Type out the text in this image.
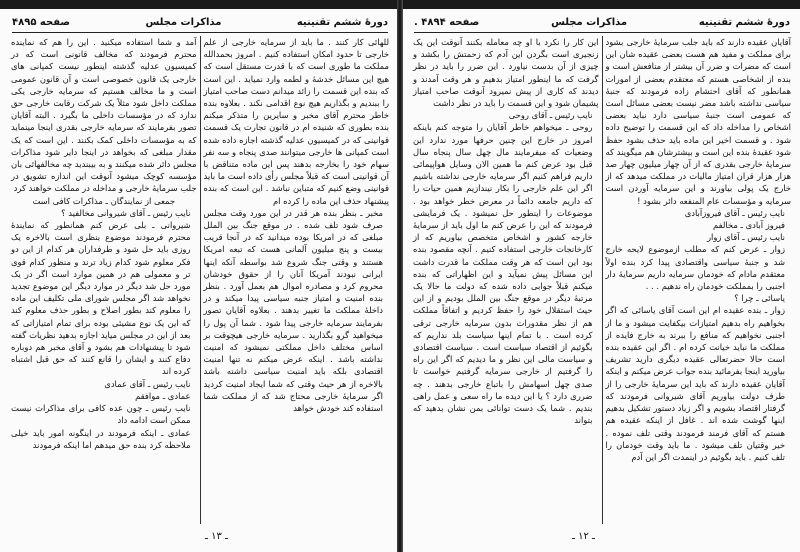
دورهٔ ششم تقنینیه
مذاکرات مجلس
صفحه ۴۸۹۵

للهائی کار کنند . ما باید از سرمایه خارجی از علم خارجی تا حدود امکان استفاده کنیم . امروز بحمدالله مملکت ما طوری است که با قدرت مستقل است که هیچ این مسائل خدشهٔ و لطمه وارد نمیاید . این است که بنده این قسمت را زائد میدانم دست صاحب امتیاز را ببندیم و بگذاریم هیچ نوع اقدامی نکند . بعلاوه بنده خاطر محترم آقای مخبر و سایرین را متذکر میکنم بنده بطوری که شنیده ام در قانون تجارت یک قسمت قوانینی که در کمیسیون عدلیه گذشته اجازه داده شده است کمپانی ها خارجی میتوانند صدی پنجاه و سه نفر سهام خود را بخارجه بدهند پس این ماده متناقض با آن قوانینی است که قبلاً مجلس رأی داده است ما باید قوانینی وضع کنیم که متباین نباشد . این است که بنده پیشنهاد حذف این ماده را کرده ام

مخبر ـ بنظر بنده هر قدر در این مورد وقت مجلس صرف شود تلف شده . در موقع جنگ بین الملل مبلغی که در امریکا بوده میدانید که در آنجا قریب بیست و پنج میلیون آلمانی هست که تبعه امریکا هستند و وقتی جنگ شروع شد بواسطه آنکه اینها ایرانی نبودند آمریکا آنان را از حقوق خودشان محروم کرد و مصادره اموال هم بعمل آورد . بنظر بنده امنیت و امتیاز جنبه سیاسی پیدا میکند و در داخلهٔ مملکت ما تغییر بدهند . بعلاوه آقایان تصور بفرمایند سرمایه خارجی پیدا شود . شما آن پول را میخواهید گرو بگذارید . سرمایه خارجی هیچوقت بر اساس مختلف داخل مملکتی نمیشود که امنیت نداشته باشد . اینکه عرض میکنم نه تنها امنیت اقتصادی بلکه باید امنیت سیاسی داشته باشد بالاخره از هر حیث وقتی که شما ایجاد امنیت کردید اگر سرمایهٔ خارجی محتاج شد که از مملکت شما استفاده کند خودش خواهد

آمد و شما استفاده میکنید . این را هم که نماینده محترم فرمودند که مخالف قانونی است که در کمیسیون عدلیه گذشته اینطور نیست کمپانی های خارجی یک قانون خصوصی است و آن قانون عمومی است و ما مخالف هستیم که سرمایه خارجی یکی مملکت داخل شود مثلاً یک شرکت رقابت خارجی حق ندارد که در مؤسسات داخلی ما بگیرد . البته آقایان تصور بفرمایند که سرمایه خارجی بقدری اینجا مینماید که به مؤسسات داخلی کمک بکنند . این است که یک مقدار مبلغی که بخواهد در اینجا دایر شود مذاکرات مجلس دائر شده میکنند و به بیبندید چه مخالفهائی بان مؤسسه کوچک میشود آنوقت این اندازه تشویق در جلب سرمایهٔ خارجی و مداخله در مملکت خواهند کرد

جمعی از نمایندگان ـ مذاکرات کافی است

نایب رئیس ـ آقای شیروانی مخالفید ؟

شیروانی ـ بلی عرض کنم همانطور که نمایندهٔ محترم فرمودند موضوع بنظری است بالاخره یک روزی باید حل شود و طرفداران هر کدام از این دو فکر معلوم شود کدام زیاد ترند و منظور کدام قوی تر و معمولی هم در همین موارد است اگر در یک مورد حل شد دیگر در موارد دیگر این موضوع تجدید نخواهد شد اگر مجلس شورای ملی تکلیف این ماده را معلوم کند بطور اصلاح و بطور حذف معلوم کند که این یک نوع مشیئی بوده برای تمام امتیازاتی که بعد از این در مجلس میاید اجازه بدهید نظریات گفته شود تا پیشنهادات هم بشود و آقای مخبر هم دوباره دفاع کنند و ایشان را قانع کنند که حق قبل اشتباه کرده اند

نایب رئیس ـ آقای عمادی

عمادی ـ موافقم

نایب رئیس ـ چون عده کافی برای مذاکرات نیست ممکن است ادامه داد

عمادی ـ اینکه فرمودند در اینگونه امور باید خیلی ملاحظه کرد بنده حق میدهم اما اینکه فرمودند

ـ ۱۳ ـ
دورهٔ ششم تقنینیه
مذاکرات مجلس
صفحه ۴۸۹۴ .

آقایان عقیده دارند که باید جلب سرمایهٔ خارجی بشود برای مملکت و مفید هم هست بعضی عقیده شان این است که مضرات و ضرر آن بیشتر از منافعش است و بنده از اشخاصی هستم که معتقدم بعضی از امورات همانطور که آقای احتشام زاده فرمودند که جنبهٔ سیاسی نداشته باشد مضر نیست بعضی مسائل است که عمومی است جنبهٔ سیاسی دارد نباید بعضی اشخاص را مداخله داد که این قسمت را توضیح داده شود . و قسمت اخیر این ماده باید حذف بشود حفظ شود عقیدهٔ بنده این است و بیشترشان هم میگویند که سرمایهٔ خارجی بقدری که از آن چهار میلیون چهار صد هزار هزار قران امتیاز مالیات در مملکت میدهد که از خارج یک پولی بیاورند و این سرمایه آوردن است سرمایه و مؤسسات عام المنفعه دائر بشود !

نایب رئیس ـ آقای فیروزآبادی

فیروز آبادی ـ مخالفم

نایب رئیس ـ آقای زوار

زوار ـ عرض کنم که مطلب ازموضوع لایحه خارج شد و جنبهٔ سیاسی واقتصادی پیدا کرد بنده اولاً معتقدم مادام که خودمان سرمایه داریم سرمایهٔ دار اجنبی را بمملکت خودمان راه ندهیم . . .

یاسائی ـ چرا ؟

زوار ـ بنده عقیده ام این است آقای یاسائی که اگر بخواهیم راه بدهیم امتیازات بیکفایت میشود و ما از اجنبی نخواهیم که منافع را ببرند به خارج فایده از مملکت ما نباید خیانت کرده ام . اگر این عقیده بنده است حالا حضرتعالی عقیده دیگری دارید تشریف بیاورید اینجا بفرمائید بنده جواب عرض میکنم و اینکه آقایان عقیده دارند که باید این سرمایهٔ خارجی را از طرف دولت بیاوریم آقای شیروانی فرمودند که گرفتار اقتصاد بشویم و اگر زیاد دستور تشکیل بدهیم اینها گوشت شده اند . غافل از اینکه عقیده هم هستم که آقای فرمند فرمودند وقتی تلف نموده . خیر وقتیان تلف میشود . ما باید وقت خودمان را تلف کنیم . باید بگوئیم در اینمدت اگر این آدم

این کار را نکرد با او چه معامله بکنند آنوقت این یک زنجیری است بگردن این آدم که زحمتش را بکشد و چیزی از آن بدست نیاورد . این ضرر را باید در نظر گرفت که ما اینطور امتیاز بدهیم و هر وقت آمدند و دیدند که کاری از پیش نمیرود آنوقت صاحب امتیاز پشیمان شود و این قسمت را باید در نظر داشت

نایب رئیس ـ آقای روحی

روحی ـ میخواهم خاطر آقایان را متوجه کنم باینکه امروز در خارج این چنین حرفها مورد ندارد این وضعیات که میفرمایند مال چهل سال پنجاه سال قبل بود عرض کنم ما همین الان وسایل هواپیمائی داریم فراهم کنیم اگر سرمایه خارجی نداشته باشیم اگر این علم خارجی را بکار نیندازیم همین حیات را که داریم جامعه دائماً در معرض خطر خواهد بود . موضوعات را اینطور حل نمیشود . یک فرمایشی فرمودند که این را عرض کنم ما اول باید از سرمایهٔ خارجه کشور و اشخاص متخصص بیاوریم که از کارخانجات خارجی استفاده کنیم . آنچه مقصود بنده بود این است که هر وقت مملکت ما قدرت داشت این مسائل پیش نمیآید و این اظهاراتی که بنده میکنم قبلاً جوابی داده شده که دولت ما حالا یک مرتبهٔ دیگر در موقع جنگ بین الملل بودیم و از این حیث استقلال خود را حفظ کردیم و اتفاقاً مملکت هم از نظر مقدورات بدون سرمایه خارجی ترقی کرده است . با تمام اینها سیاست بلد نداریم که بگوئیم از اقتصاد سیاست است . سیاست اقتصادی و سیاست مالی این نظر و ما دیدیم که اگر این راه را گرفتیم از خارجی سرمایه گرفتیم خواست تا صدی چهل اسهامش را باتباع خارجی بدهند . چه ضرری دارد ؟ یا این دیده ما راه سعی و عمل راهی بندیم . شما یک دست توانائی بمن نشان بدهید که بتواند

ـ ۱۲ ـ
